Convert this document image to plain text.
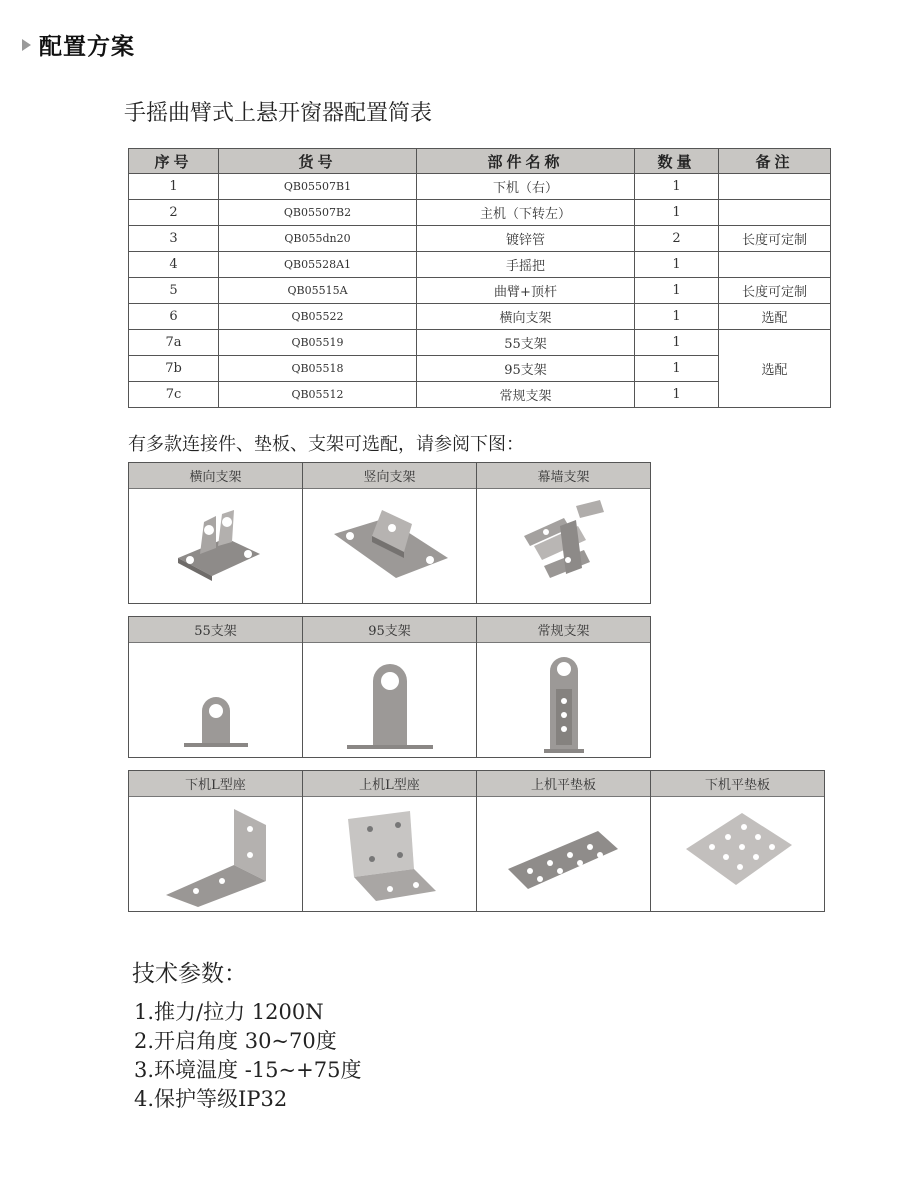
配置方案
手摇曲臂式上悬开窗器配置简表
序号	货号	部件名称	数量	备注
1	QB05507B1	下机（右）	1	
2	QB05507B2	主机（下转左）	1	
3	QB055dn20	镀锌管	2	长度可定制
4	QB05528A1	手摇把	1	
5	QB05515A	曲臂+顶杆	1	长度可定制
6	QB05522	横向支架	1	选配
7a	QB05519	55支架	1	选配
7b	QB05518	95支架	1	
7c	QB05512	常规支架	1	
有多款连接件、垫板、支架可选配，请参阅下图：
横向支架	竖向支架	幕墙支架
55支架	95支架	常规支架
下机L型座	上机L型座	上机平垫板	下机平垫板
技术参数：
1.推力/拉力 1200N
2.开启角度 30~70度
3.环境温度 -15~+75度
4.保护等级IP32
